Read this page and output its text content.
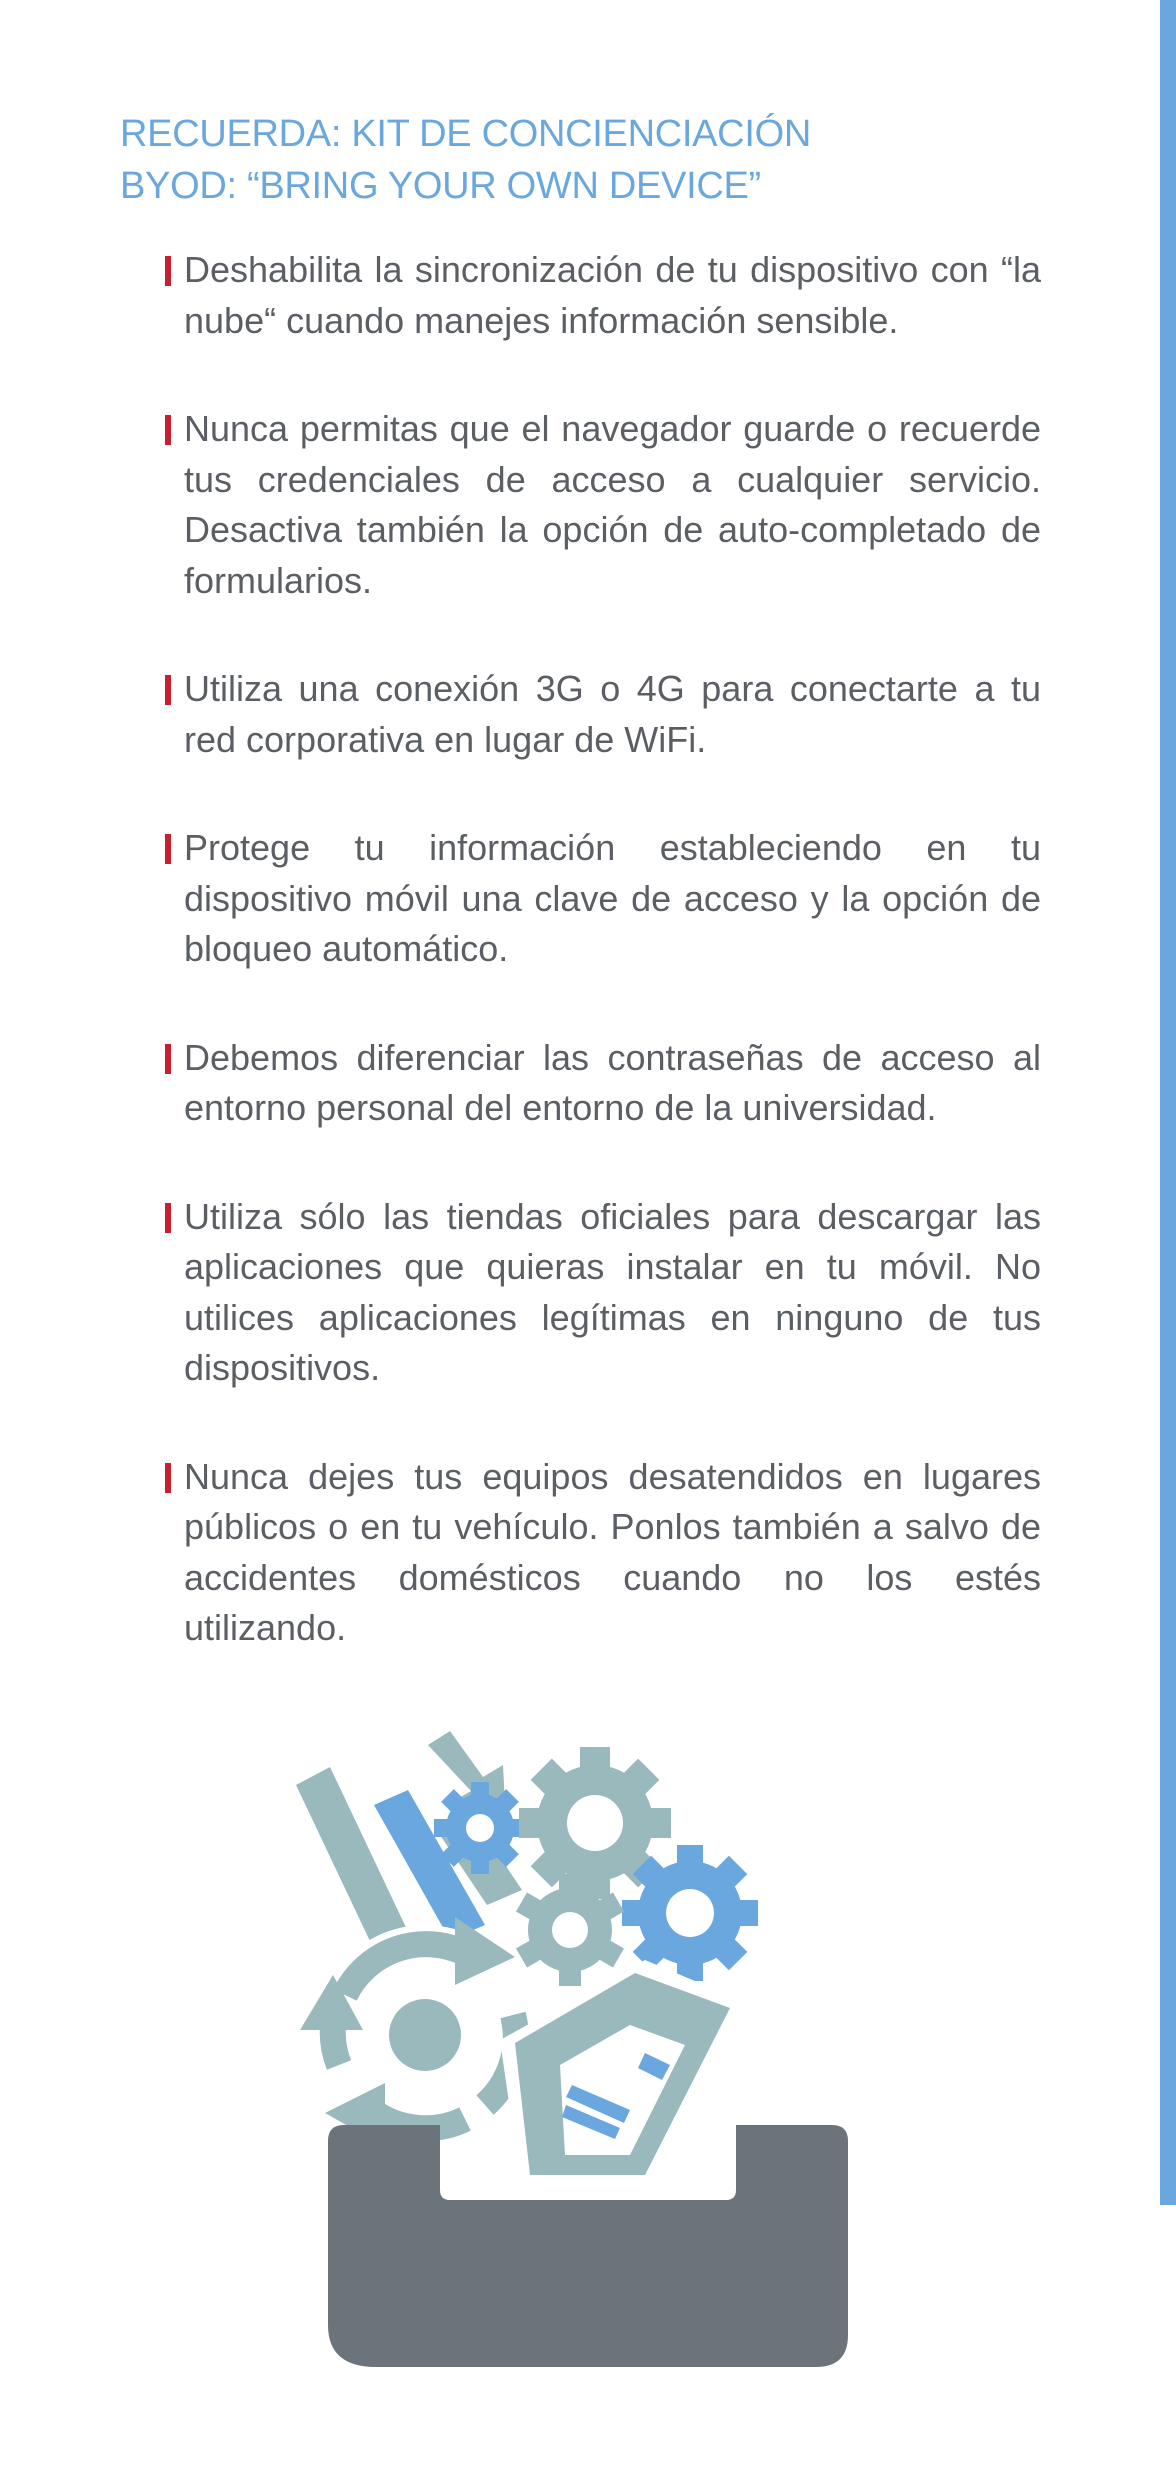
RECUERDA: KIT DE CONCIENCIACIÓN
BYOD: “BRING YOUR OWN DEVICE”
Deshabilita la sincronización de tu dispositivo con “la nube“ cuando manejes información sensible.
Nunca permitas que el navegador guarde o recuerde tus credenciales de acceso a cualquier servicio. Desactiva también la opción de auto-completado de formularios.
Utiliza una conexión 3G o 4G para conectarte a tu red corporativa en lugar de WiFi.
Protege tu información estableciendo en tu dispositivo móvil una clave de acceso y la opción de bloqueo automático.
Debemos diferenciar las contraseñas de acceso al entorno personal del entorno de la universidad.
Utiliza sólo las tiendas oficiales para descargar las aplicaciones que quieras instalar en tu móvil. No utilices aplicaciones legítimas en ninguno de tus dispositivos.
Nunca dejes tus equipos desatendidos en lugares públicos o en tu vehículo. Ponlos también a salvo de accidentes domésticos cuando no los estés utilizando.
